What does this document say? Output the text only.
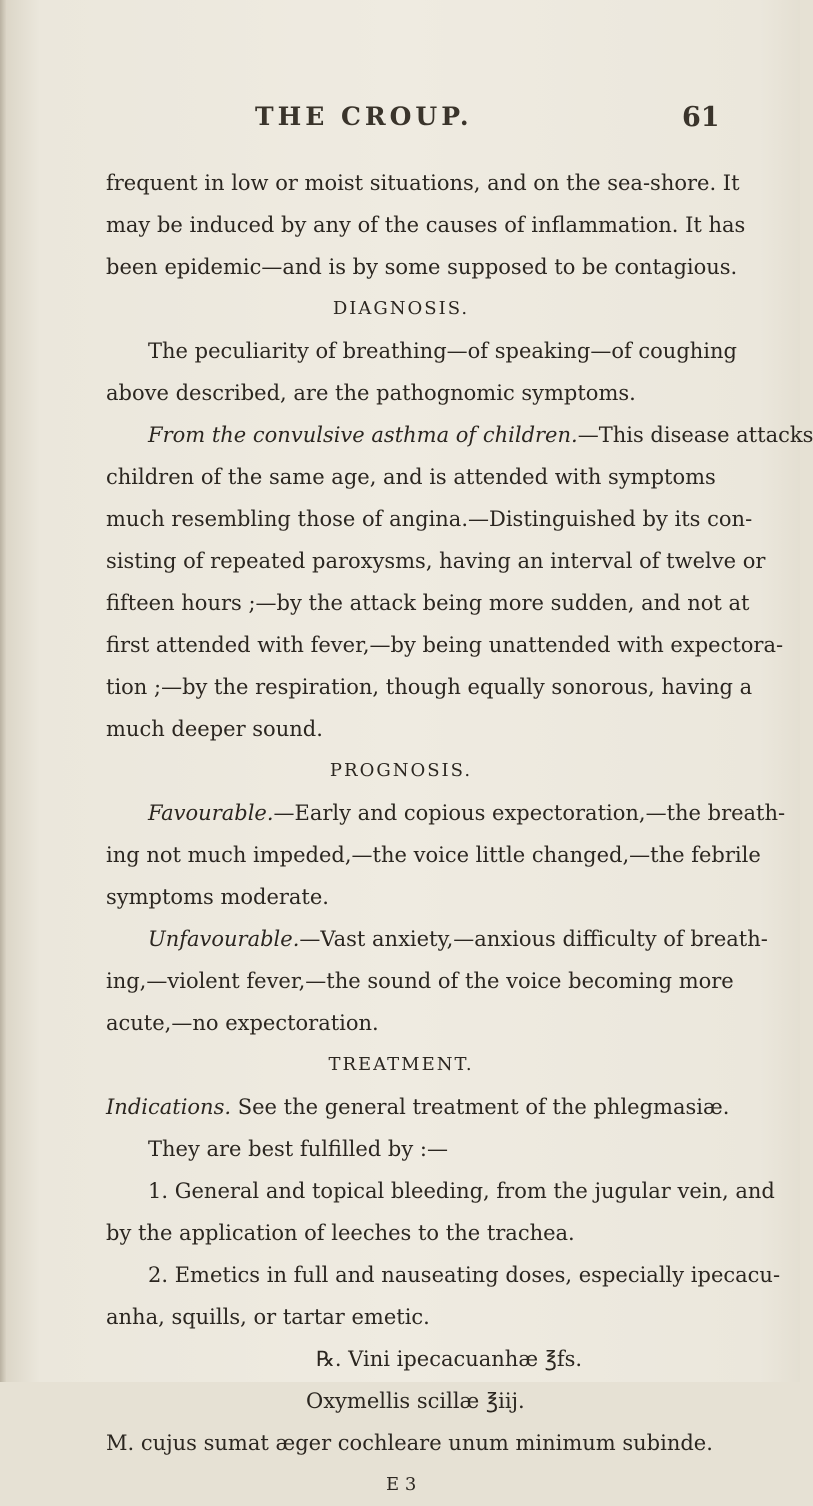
THE CROUP.	61
frequent in low or moist situations, and on the sea-shore. It
may be induced by any of the causes of inflammation. It has
been epidemic—and is by some supposed to be contagious.
DIAGNOSIS.
The peculiarity of breathing—of speaking—of coughing
above described, are the pathognomic symptoms.
From the convulsive asthma of children.—This disease attacks
children of the same age, and is attended with symptoms
much resembling those of angina.—Distinguished by its con-
sisting of repeated paroxysms, having an interval of twelve or
fifteen hours ;—by the attack being more sudden, and not at
first attended with fever,—by being unattended with expectora-
tion ;—by the respiration, though equally sonorous, having a
much deeper sound.
PROGNOSIS.
Favourable.—Early and copious expectoration,—the breath-
ing not much impeded,—the voice little changed,—the febrile
symptoms moderate.
Unfavourable.—Vast anxiety,—anxious difficulty of breath-
ing,—violent fever,—the sound of the voice becoming more
acute,—no expectoration.
TREATMENT.
Indications. See the general treatment of the phlegmasiæ.
They are best fulfilled by :—
1. General and topical bleeding, from the jugular vein, and
by the application of leeches to the trachea.
2. Emetics in full and nauseating doses, especially ipecacu-
anha, squills, or tartar emetic.
℞. Vini ipecacuanhæ ℥fs.
Oxymellis scillæ ℥iij.
M. cujus sumat æger cochleare unum minimum subinde.
E 3
